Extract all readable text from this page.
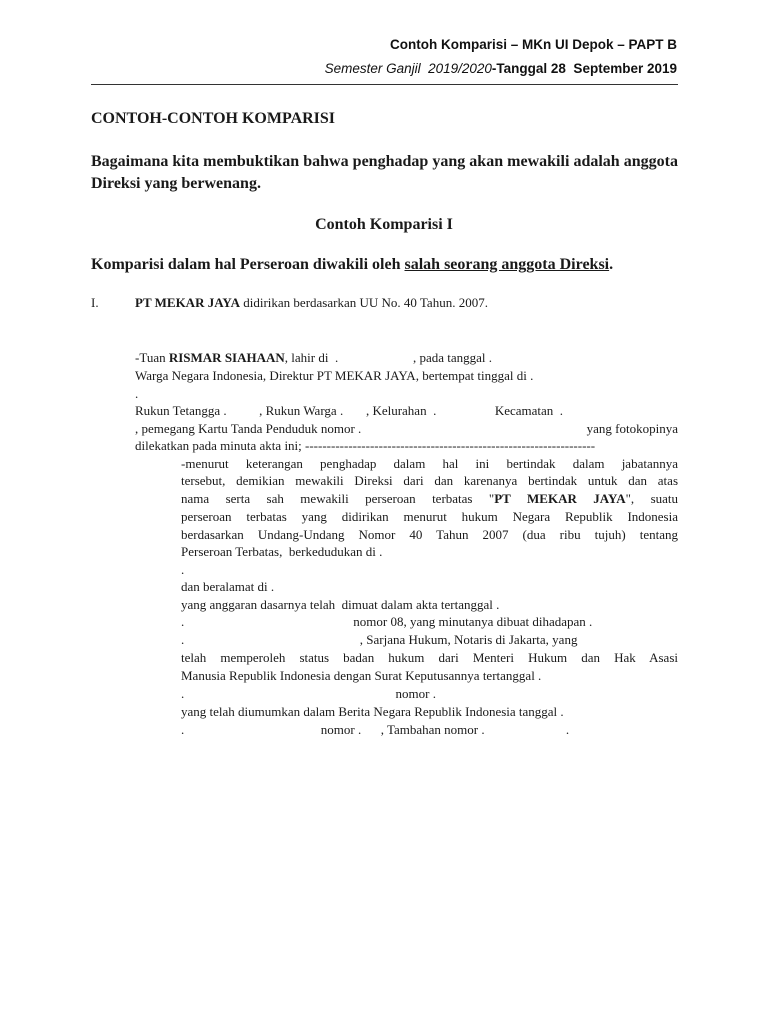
Contoh Komparisi – MKn UI Depok – PAPT B
Semester Ganjil  2019/2020-Tanggal 28  September 2019
CONTOH-CONTOH KOMPARISI
Bagaimana kita membuktikan bahwa penghadap yang akan mewakili adalah anggota Direksi yang berwenang.
Contoh Komparisi I
Komparisi dalam hal Perseroan diwakili oleh salah seorang anggota Direksi.
I.	PT MEKAR JAYA didirikan berdasarkan UU No. 40 Tahun. 2007.
-Tuan RISMAR SIAHAAN, lahir di  .                       , pada tanggal .
Warga Negara Indonesia, Direktur PT MEKAR JAYA, bertempat tinggal di .
.
Rukun Tetangga .          , Rukun Warga .       , Kelurahan  .                  Kecamatan  .
, pemegang Kartu Tanda Penduduk nomor .	yang fotokopinya
dilekatkan pada minuta akta ini; -------------------------------------------------------------------
-menurut keterangan penghadap dalam hal ini bertindak dalam jabatannya
tersebut, demikian mewakili Direksi dari dan karenanya bertindak untuk dan atas
nama serta sah mewakili perseroan terbatas "PT MEKAR JAYA", suatu
perseroan terbatas yang didirikan menurut hukum Negara Republik Indonesia
berdasarkan Undang-Undang Nomor 40 Tahun 2007 (dua ribu tujuh) tentang
Perseroan Terbatas,  berkedudukan di .
.
dan beralamat di .
yang anggaran dasarnya telah  dimuat dalam akta tertanggal .
.                                                    nomor 08, yang minutanya dibuat dihadapan .
.                                                      , Sarjana Hukum, Notaris di Jakarta, yang
telah memperoleh status badan hukum dari Menteri Hukum dan Hak Asasi
Manusia Republik Indonesia dengan Surat Keputusannya tertanggal .
.                                                                 nomor .
yang telah diumumkan dalam Berita Negara Republik Indonesia tanggal .
.                                          nomor .      , Tambahan nomor .                         .
